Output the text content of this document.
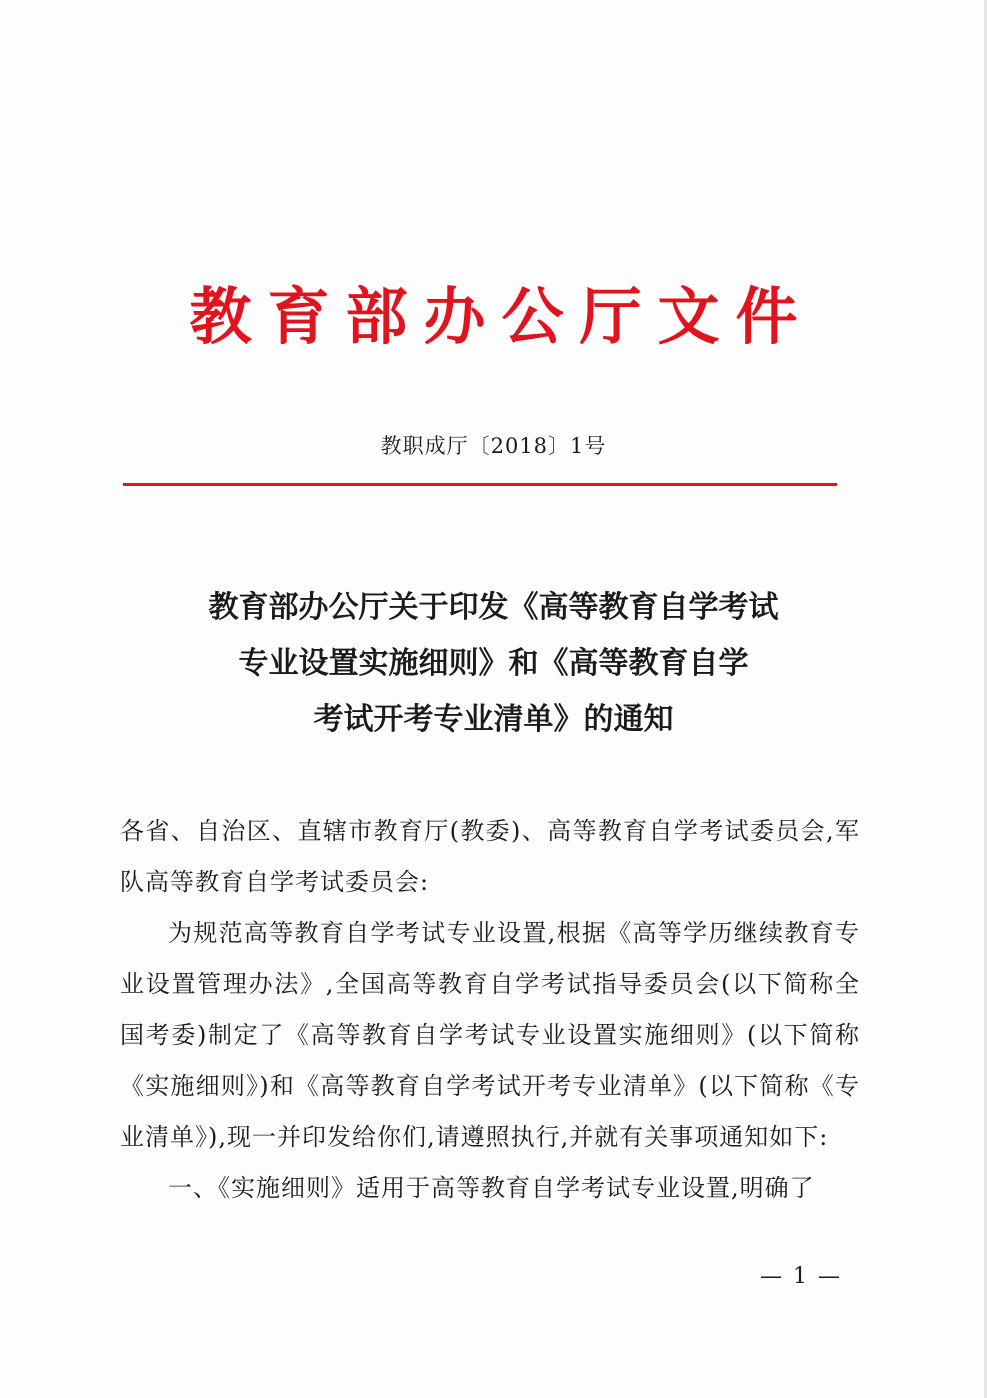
教育部办公厅文件
教职成厅〔2018〕1号
教育部办公厅关于印发《高等教育自学考试
专业设置实施细则》和《高等教育自学
考试开考专业清单》的通知

各省、自治区、直辖市教育厅(教委)、高等教育自学考试委员会,军队高等教育自学考试委员会:

为规范高等教育自学考试专业设置,根据《高等学历继续教育专业设置管理办法》,全国高等教育自学考试指导委员会(以下简称全国考委)制定了《高等教育自学考试专业设置实施细则》(以下简称《实施细则》)和《高等教育自学考试开考专业清单》(以下简称《专业清单》),现一并印发给你们,请遵照执行,并就有关事项通知如下:

一、《实施细则》适用于高等教育自学考试专业设置,明确了

— 1 —
